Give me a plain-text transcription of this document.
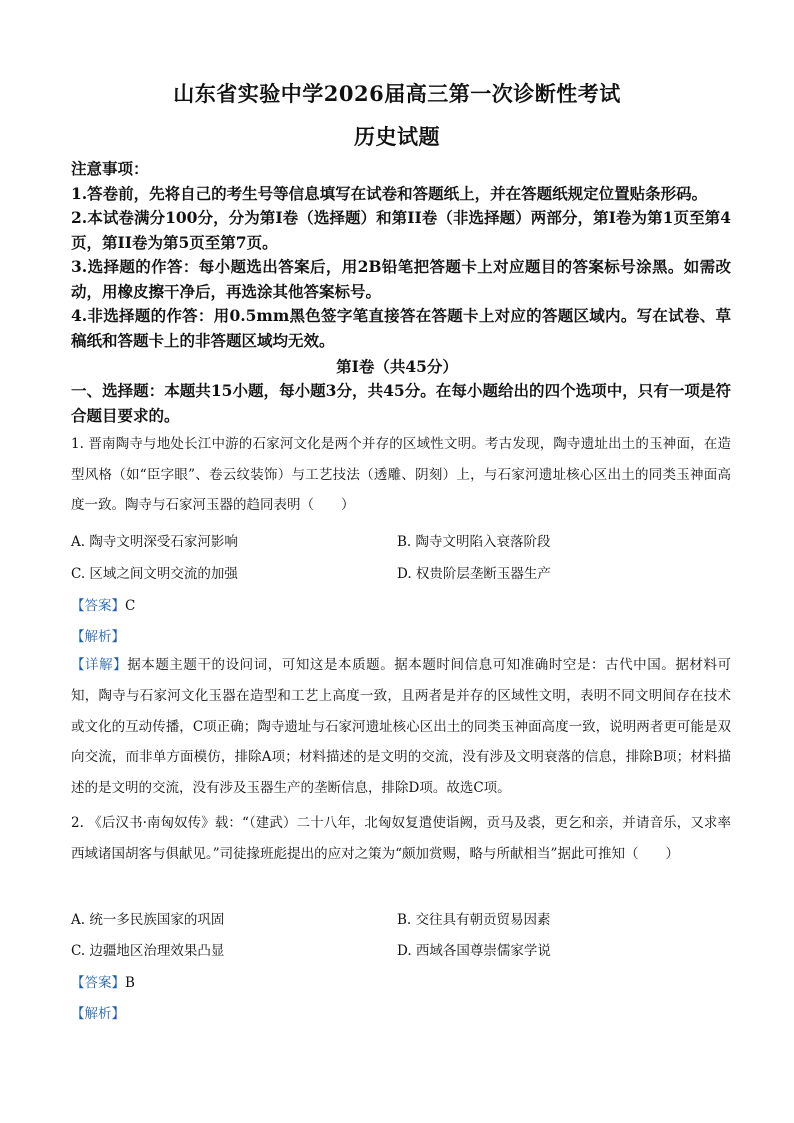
山东省实验中学2026届高三第一次诊断性考试
历史试题

注意事项：

1.答卷前，先将自己的考生号等信息填写在试卷和答题纸上，并在答题纸规定位置贴条形码。

2.本试卷满分100分，分为第Ⅰ卷（选择题）和第II卷（非选择题）两部分，第Ⅰ卷为第1页至第4页，第II卷为第5页至第7页。

3.选择题的作答：每小题选出答案后，用2B铅笔把答题卡上对应题目的答案标号涂黑。如需改动，用橡皮擦干净后，再选涂其他答案标号。

4.非选择题的作答：用0.5mm黑色签字笔直接答在答题卡上对应的答题区域内。写在试卷、草稿纸和答题卡上的非答题区域均无效。

第Ⅰ卷（共45分）

一、选择题：本题共15小题，每小题3分，共45分。在每小题给出的四个选项中，只有一项是符合题目要求的。

1. 晋南陶寺与地处长江中游的石家河文化是两个并存的区域性文明。考古发现，陶寺遗址出土的玉神面，在造型风格（如“臣字眼”、卷云纹装饰）与工艺技法（透雕、阴刻）上，与石家河遗址核心区出土的同类玉神面高度一致。陶寺与石家河玉器的趋同表明（　　）

A. 陶寺文明深受石家河影响	B. 陶寺文明陷入衰落阶段
C. 区域之间文明交流的加强	D. 权贵阶层垄断玉器生产
【答案】C
【解析】

【详解】据本题主题干的设问词，可知这是本质题。据本题时间信息可知准确时空是：古代中国。据材料可知，陶寺与石家河文化玉器在造型和工艺上高度一致，且两者是并存的区域性文明，表明不同文明间存在技术或文化的互动传播，C项正确；陶寺遗址与石家河遗址核心区出土的同类玉神面高度一致，说明两者更可能是双向交流，而非单方面模仿，排除A项；材料描述的是文明的交流，没有涉及文明衰落的信息，排除B项；材料描述的是文明的交流，没有涉及玉器生产的垄断信息，排除D项。故选C项。

2. 《后汉书·南匈奴传》载：“（建武）二十八年，北匈奴复遣使诣阙，贡马及裘，更乞和亲，并请音乐，又求率西域诸国胡客与俱献见。”司徒掾班彪提出的应对之策为“颇加赏赐，略与所献相当”据此可推知（　　）

A. 统一多民族国家的巩固	B. 交往具有朝贡贸易因素
C. 边疆地区治理效果凸显	D. 西域各国尊崇儒家学说
【答案】B
【解析】
